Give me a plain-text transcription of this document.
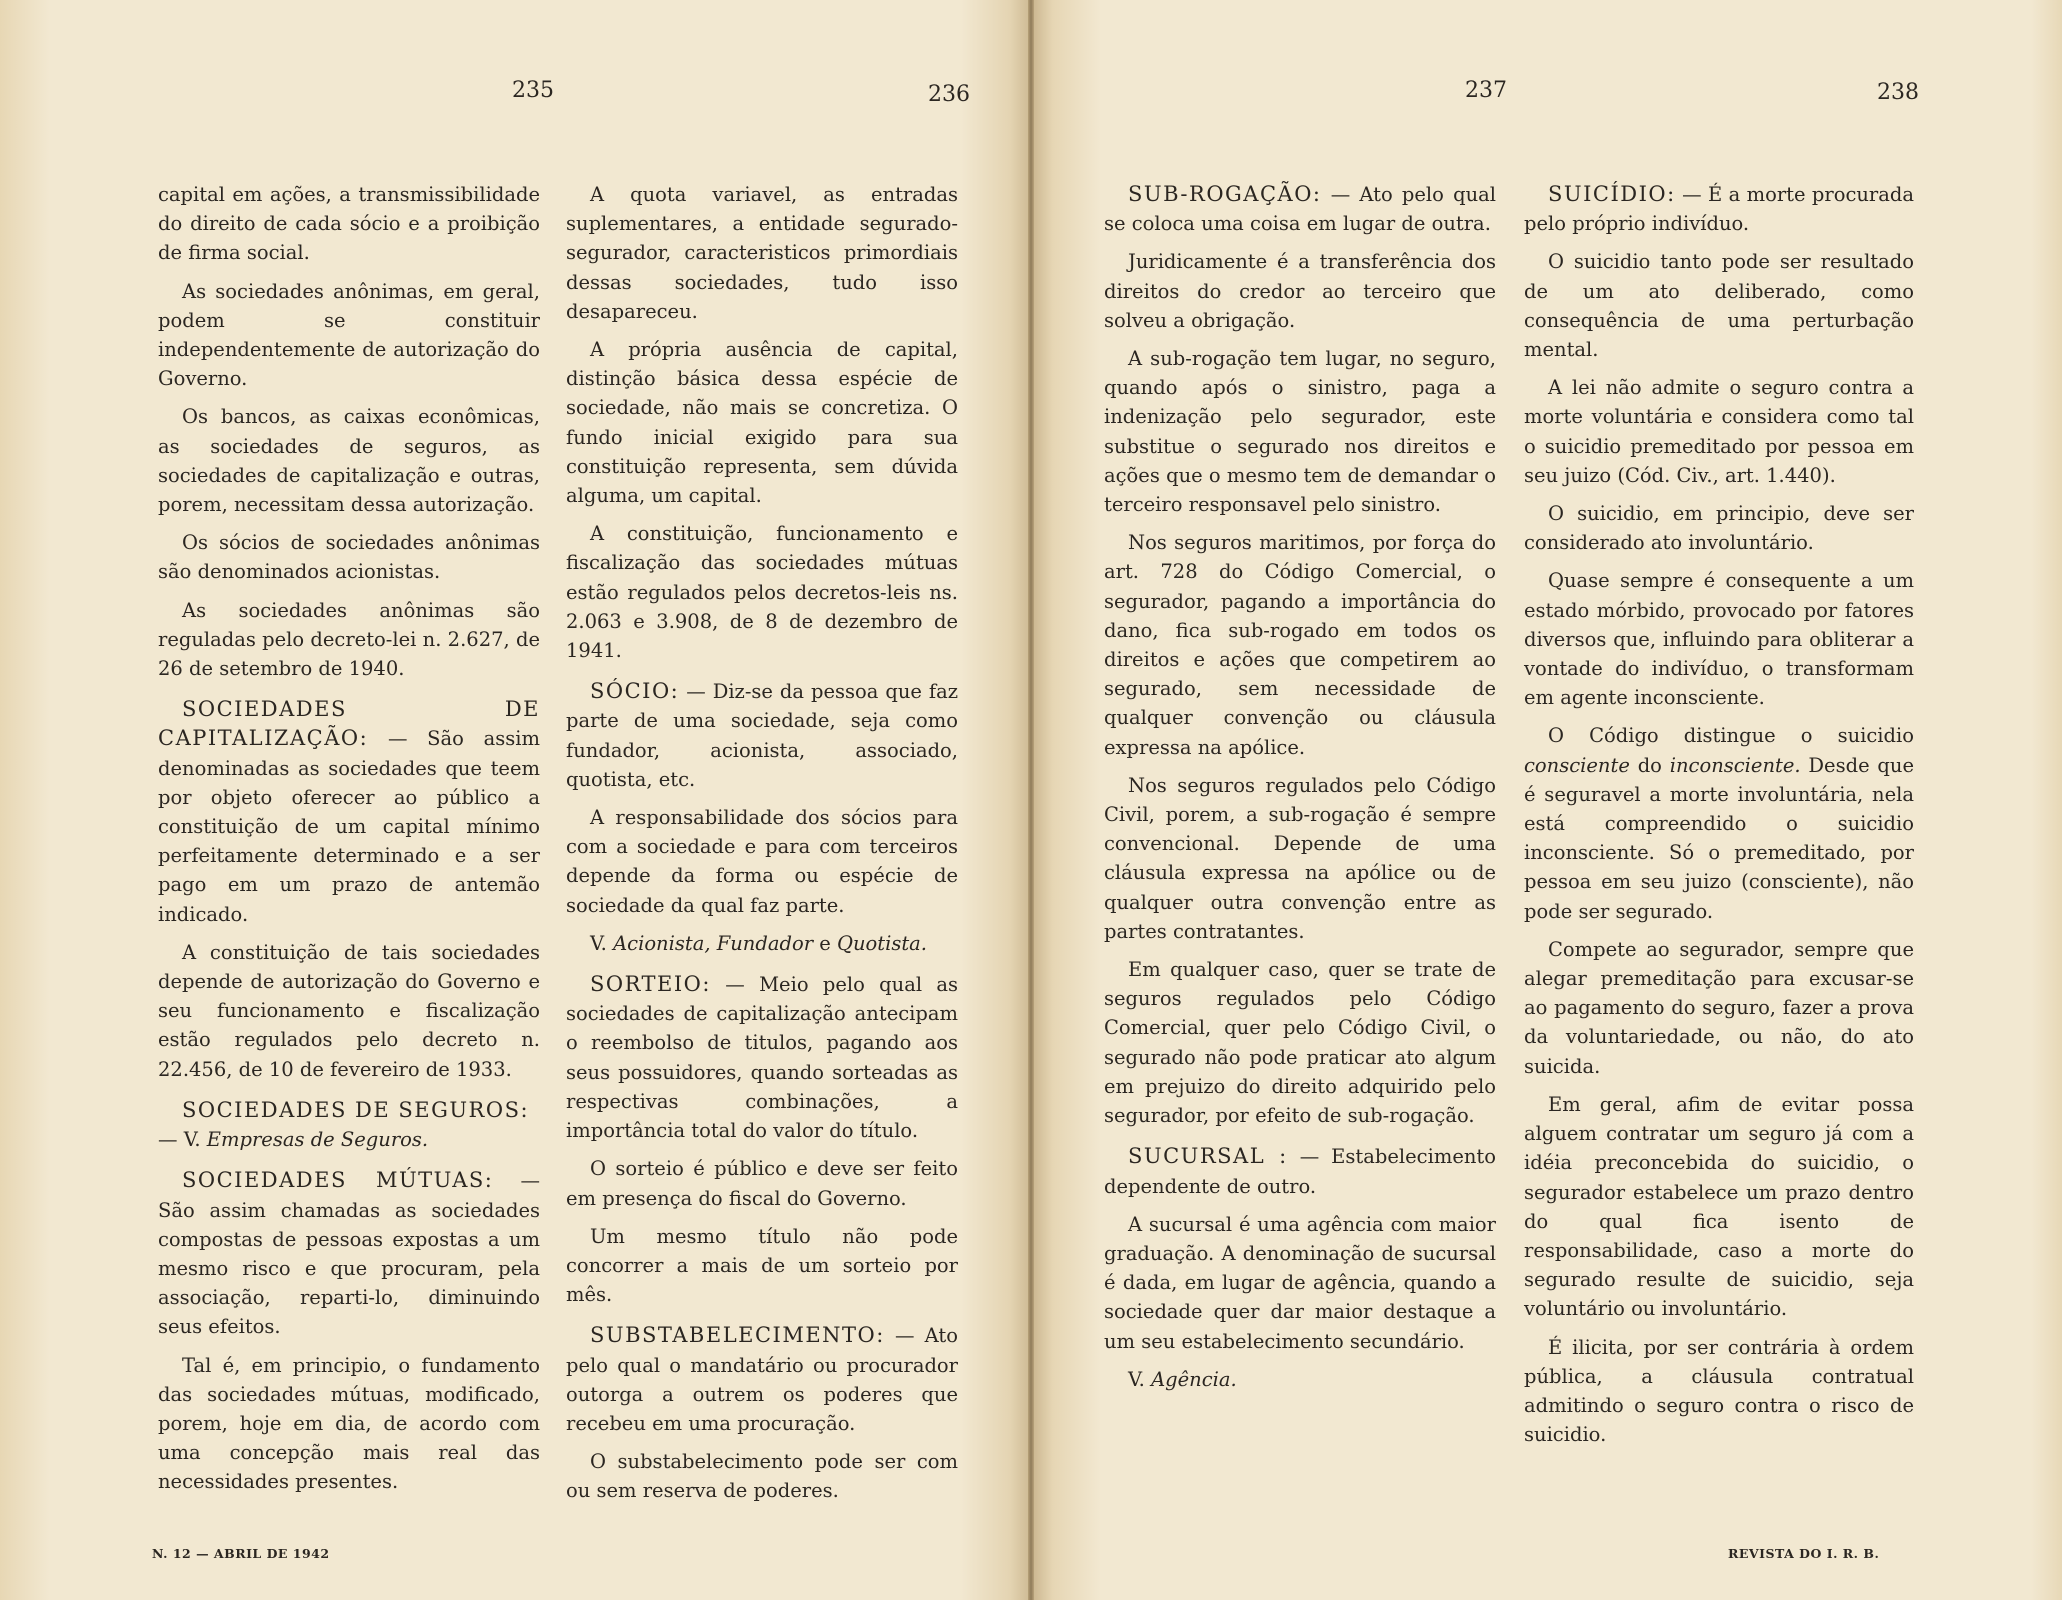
235	236	237	238

capital em ações, a transmissibilidade do direito de cada sócio e a proibição de firma social.

As sociedades anônimas, em geral, podem se constituir independentemente de autorização do Governo.

Os bancos, as caixas econômicas, as sociedades de seguros, as sociedades de capitalização e outras, porem, necessitam dessa autorização.

Os sócios de sociedades anônimas são denominados acionistas.

As sociedades anônimas são reguladas pelo decreto-lei n. 2.627, de 26 de setembro de 1940.

SOCIEDADES DE CAPITALIZAÇÃO: — São assim denominadas as sociedades que teem por objeto oferecer ao público a constituição de um capital mínimo perfeitamente determinado e a ser pago em um prazo de antemão indicado.

A constituição de tais sociedades depende de autorização do Governo e seu funcionamento e fiscalização estão regulados pelo decreto n. 22.456, de 10 de fevereiro de 1933.

SOCIEDADES DE SEGUROS: — V. Empresas de Seguros.

SOCIEDADES MÚTUAS: — São assim chamadas as sociedades compostas de pessoas expostas a um mesmo risco e que procuram, pela associação, reparti-lo, diminuindo seus efeitos.

Tal é, em principio, o fundamento das sociedades mútuas, modificado, porem, hoje em dia, de acordo com uma concepção mais real das necessidades presentes.

A quota variavel, as entradas suplementares, a entidade segurado-segurador, caracteristicos primordiais dessas sociedades, tudo isso desapareceu.

A própria ausência de capital, distinção básica dessa espécie de sociedade, não mais se concretiza. O fundo inicial exigido para sua constituição representa, sem dúvida alguma, um capital.

A constituição, funcionamento e fiscalização das sociedades mútuas estão regulados pelos decretos-leis ns. 2.063 e 3.908, de 8 de dezembro de 1941.

SÓCIO: — Diz-se da pessoa que faz parte de uma sociedade, seja como fundador, acionista, associado, quotista, etc.

A responsabilidade dos sócios para com a sociedade e para com terceiros depende da forma ou espécie de sociedade da qual faz parte.

V. Acionista, Fundador e Quotista.

SORTEIO: — Meio pelo qual as sociedades de capitalização antecipam o reembolso de titulos, pagando aos seus possuidores, quando sorteadas as respectivas combinações, a importância total do valor do título.

O sorteio é público e deve ser feito em presença do fiscal do Governo.

Um mesmo título não pode concorrer a mais de um sorteio por mês.

SUBSTABELECIMENTO: — Ato pelo qual o mandatário ou procurador outorga a outrem os poderes que recebeu em uma procuração.

O substabelecimento pode ser com ou sem reserva de poderes.

SUB-ROGAÇÃO: — Ato pelo qual se coloca uma coisa em lugar de outra.

Juridicamente é a transferência dos direitos do credor ao terceiro que solveu a obrigação.

A sub-rogação tem lugar, no seguro, quando após o sinistro, paga a indenização pelo segurador, este substitue o segurado nos direitos e ações que o mesmo tem de demandar o terceiro responsavel pelo sinistro.

Nos seguros maritimos, por força do art. 728 do Código Comercial, o segurador, pagando a importância do dano, fica sub-rogado em todos os direitos e ações que competirem ao segurado, sem necessidade de qualquer convenção ou cláusula expressa na apólice.

Nos seguros regulados pelo Código Civil, porem, a sub-rogação é sempre convencional. Depende de uma cláusula expressa na apólice ou de qualquer outra convenção entre as partes contratantes.

Em qualquer caso, quer se trate de seguros regulados pelo Código Comercial, quer pelo Código Civil, o segurado não pode praticar ato algum em prejuizo do direito adquirido pelo segurador, por efeito de sub-rogação.

SUCURSAL : — Estabelecimento dependente de outro.

A sucursal é uma agência com maior graduação. A denominação de sucursal é dada, em lugar de agência, quando a sociedade quer dar maior destaque a um seu estabelecimento secundário.

V. Agência.

SUICÍDIO: — É a morte procurada pelo próprio indivíduo.

O suicidio tanto pode ser resultado de um ato deliberado, como consequência de uma perturbação mental.

A lei não admite o seguro contra a morte voluntária e considera como tal o suicidio premeditado por pessoa em seu juizo (Cód. Civ., art. 1.440).

O suicidio, em principio, deve ser considerado ato involuntário.

Quase sempre é consequente a um estado mórbido, provocado por fatores diversos que, influindo para obliterar a vontade do indivíduo, o transformam em agente inconsciente.

O Código distingue o suicidio consciente do inconsciente. Desde que é seguravel a morte involuntária, nela está compreendido o suicidio inconsciente. Só o premeditado, por pessoa em seu juizo (consciente), não pode ser segurado.

Compete ao segurador, sempre que alegar premeditação para excusar-se ao pagamento do seguro, fazer a prova da voluntariedade, ou não, do ato suicida.

Em geral, afim de evitar possa alguem contratar um seguro já com a idéia preconcebida do suicidio, o segurador estabelece um prazo dentro do qual fica isento de responsabilidade, caso a morte do segurado resulte de suicidio, seja voluntário ou involuntário.

É ilicita, por ser contrária à ordem pública, a cláusula contratual admitindo o seguro contra o risco de suicidio.

N. 12 — ABRIL DE 1942	REVISTA DO I. R. B.
